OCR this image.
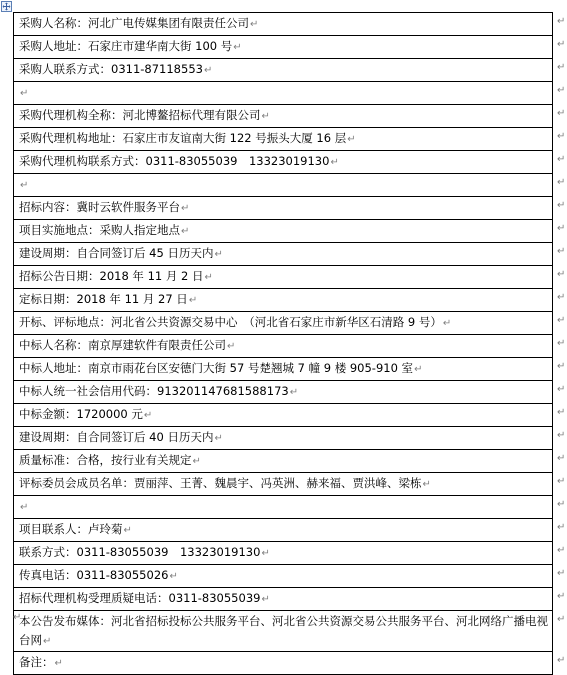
采购人名称：河北广电传媒集团有限责任公司↵
采购人地址：石家庄市建华南大街 100 号↵
采购人联系方式：0311-87118553↵
↵
采购代理机构全称：河北博鳌招标代理有限公司↵
采购代理机构地址：石家庄市友谊南大街 122 号振头大厦 16 层↵
采购代理机构联系方式：0311-83055039　13323019130↵
↵
招标内容：冀时云软件服务平台↵
项目实施地点：采购人指定地点↵
建设周期：自合同签订后 45 日历天内↵
招标公告日期：2018 年 11 月 2 日↵
定标日期：2018 年 11 月 27 日↵
开标、评标地点：河北省公共资源交易中心　（河北省石家庄市新华区石清路 9 号）↵
中标人名称：南京厚建软件有限责任公司↵
中标人地址：南京市雨花台区安德门大街 57 号楚翘城 7 幢 9 楼 905-910 室↵
中标人统一社会信用代码：913201147681588173↵
中标金额：1720000 元↵
建设周期：自合同签订后 40 日历天内↵
质量标准：合格，按行业有关规定↵
评标委员会成员名单：贾丽萍、王菁、魏晨宇、冯英洲、赫来福、贾洪峰、梁栋↵
↵
项目联系人：卢玲菊↵
联系方式：0311-83055039　13323019130↵
传真电话：0311-83055026↵
招标代理机构受理质疑电话：0311-83055039↵
本公告发布媒体：河北省招标投标公共服务平台、河北省公共资源交易公共服务平台、河北网络广播电视台网↵
备注：↵
↵
↵
↵
↵
↵
↵
↵
↵
↵
↵
↵
↵
↵
↵
↵
↵
↵
↵
↵
↵
↵
↵
↵
↵
↵
↵
↵
↵
↵
